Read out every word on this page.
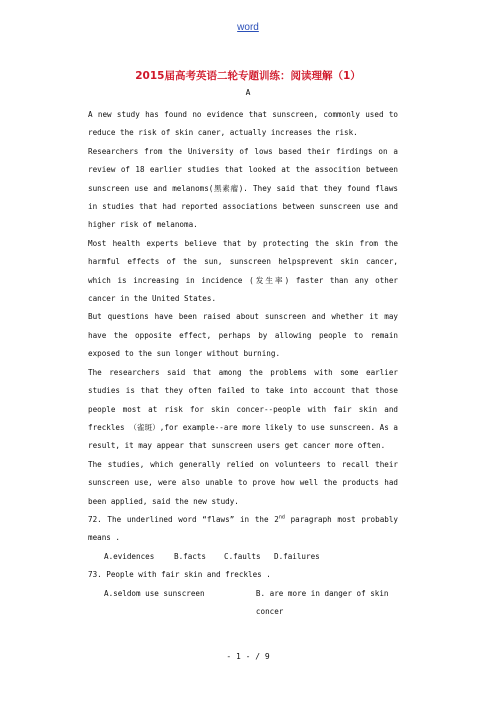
word
2015届高考英语二轮专题训练：阅读理解（1）
A

A new study has found no evidence that sunscreen, commonly used to reduce the risk of skin caner, actually increases the risk.

Researchers from the University of lows based their firdings on a review of 18 earlier studies that looked at the assocition between sunscreen use and melanoms(黑素瘤). They said that they found flaws in studies that had reported associations between sunscreen use and higher risk of melanoma.

Most health experts believe that by protecting the skin from the harmful effects of the sun, sunscreen helpsprevent skin cancer, which is increasing in incidence (发生率) faster than any other cancer in the United States.

But questions have been raised about sunscreen and whether it may have the opposite effect, perhaps by allowing people to remain exposed to the sun longer without burning.

The researchers said that among the problems with some earlier studies is that they often failed to take into account that those people most at risk for skin concer--people with fair skin and freckles （雀斑）,for example--are more likely to use sunscreen. As a result, it may appear that sunscreen users get cancer more often.

The studies, which generally relied on volunteers to recall their sunscreen use, were also unable to prove how well the products had been applied, said the new study.

72. The underlined word “flaws” in the 2nd paragraph most probably means .

A.evidences	B.facts	C.faults	D.failures

73. People with fair skin and freckles .

A.seldom use sunscreen	B. are more in danger of skin concer
- 1 - / 9
